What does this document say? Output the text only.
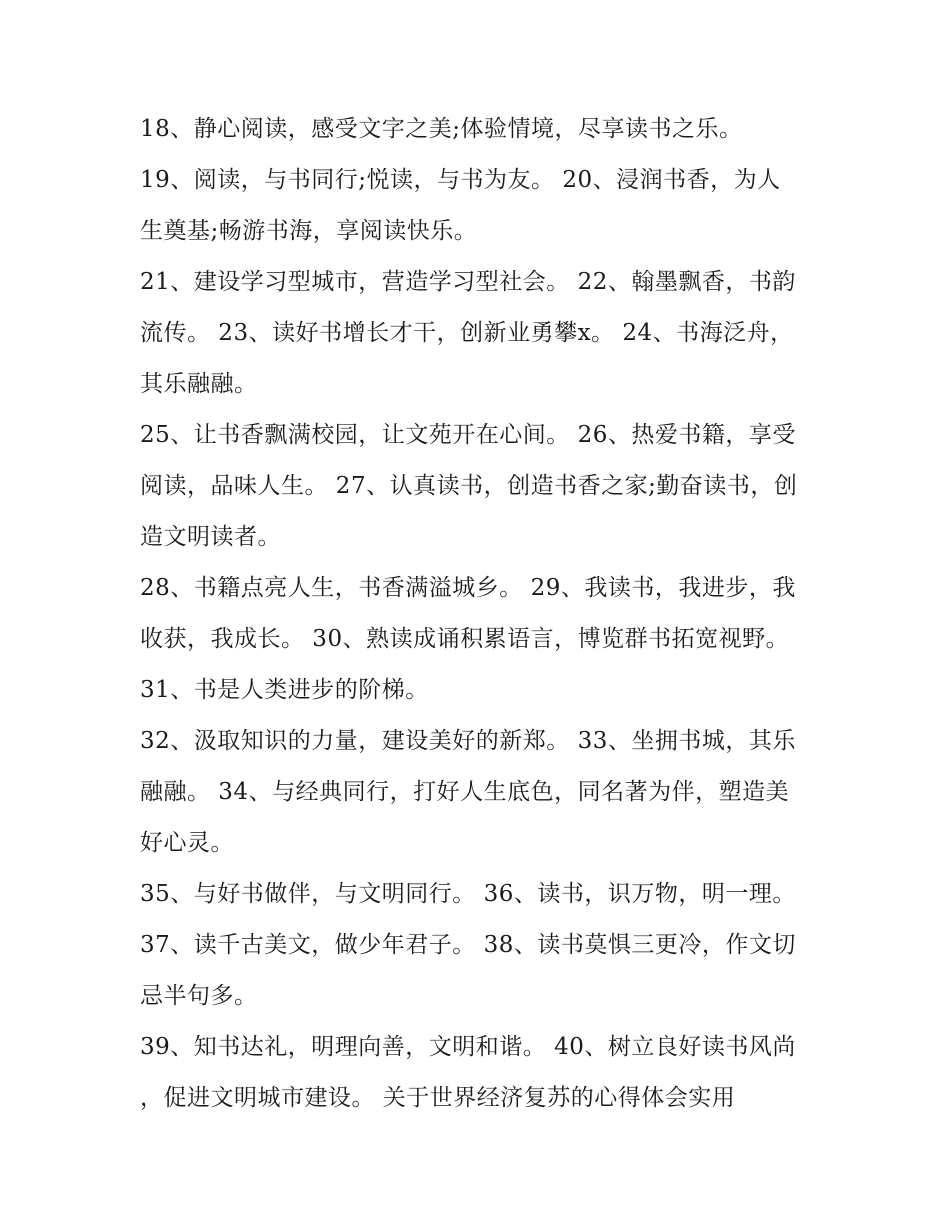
18、静心阅读，感受文字之美;体验情境，尽享读书之乐。

19、阅读，与书同行;悦读，与书为友。 20、浸润书香，为人生奠基;畅游书海，享阅读快乐。

21、建设学习型城市，营造学习型社会。 22、翰墨飘香，书韵流传。 23、读好书增长才干，创新业勇攀x。 24、书海泛舟，其乐融融。

25、让书香飘满校园，让文苑开在心间。 26、热爱书籍，享受阅读，品味人生。 27、认真读书，创造书香之家;勤奋读书，创造文明读者。

28、书籍点亮人生，书香满溢城乡。 29、我读书，我进步，我收获，我成长。 30、熟读成诵积累语言，博览群书拓宽视野。 31、书是人类进步的阶梯。

32、汲取知识的力量，建设美好的新郑。 33、坐拥书城，其乐融融。 34、与经典同行，打好人生底色，同名著为伴，塑造美好心灵。

35、与好书做伴，与文明同行。 36、读书，识万物，明一理。 37、读千古美文，做少年君子。 38、读书莫惧三更冷，作文切忌半句多。

39、知书达礼，明理向善，文明和谐。 40、树立良好读书风尚，促进文明城市建设。 关于世界经济复苏的心得体会实用
